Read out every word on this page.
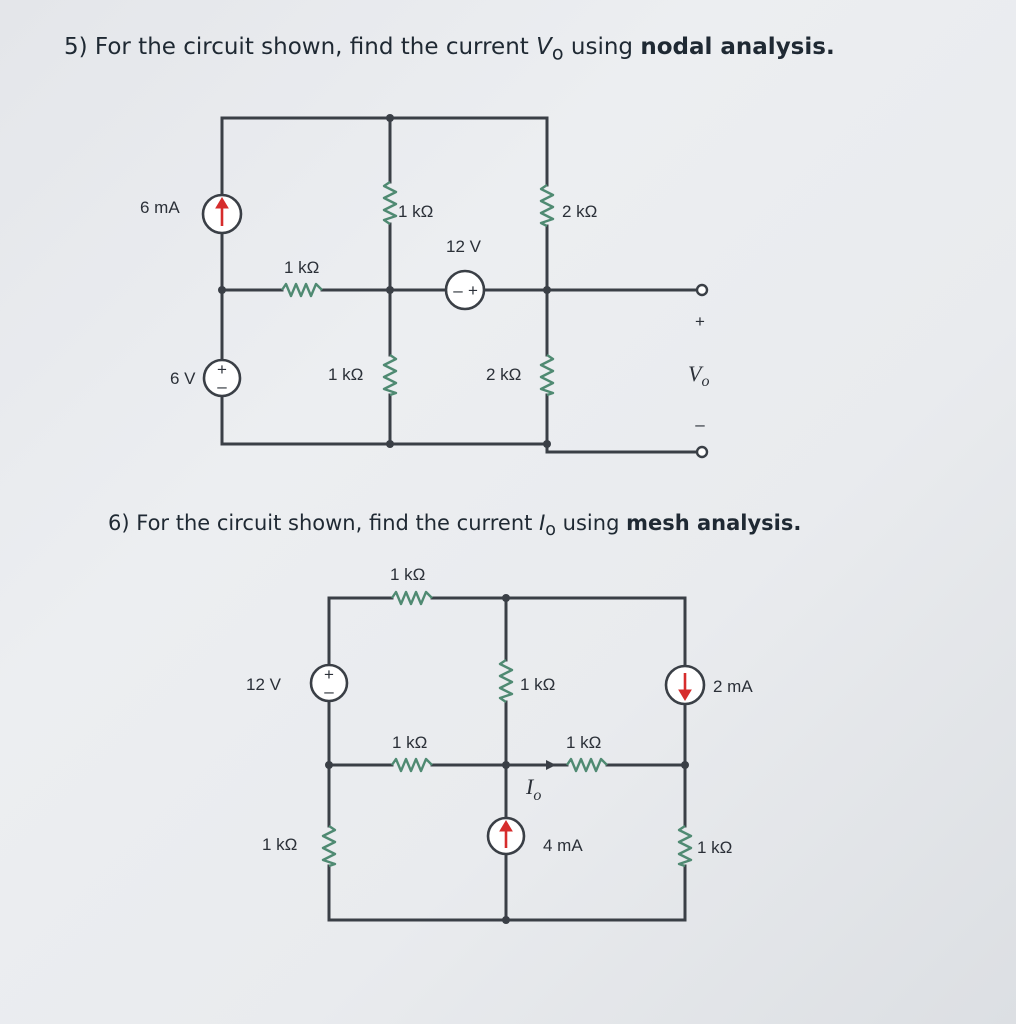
5) For the circuit shown, find the current $V_o$ using nodal analysis.

6) For the circuit shown, find the current $I_o$ using mesh analysis.

+
–
– +
6 mA
6 V
1 kΩ	2 kΩ
12 V
1 kΩ
1 kΩ	2 kΩ
+
$V_o$
–
+
–
1 kΩ
12 V	1 kΩ	2 mA
1 kΩ	1 kΩ
$I_o$
1 kΩ	4 mA	1 kΩ
